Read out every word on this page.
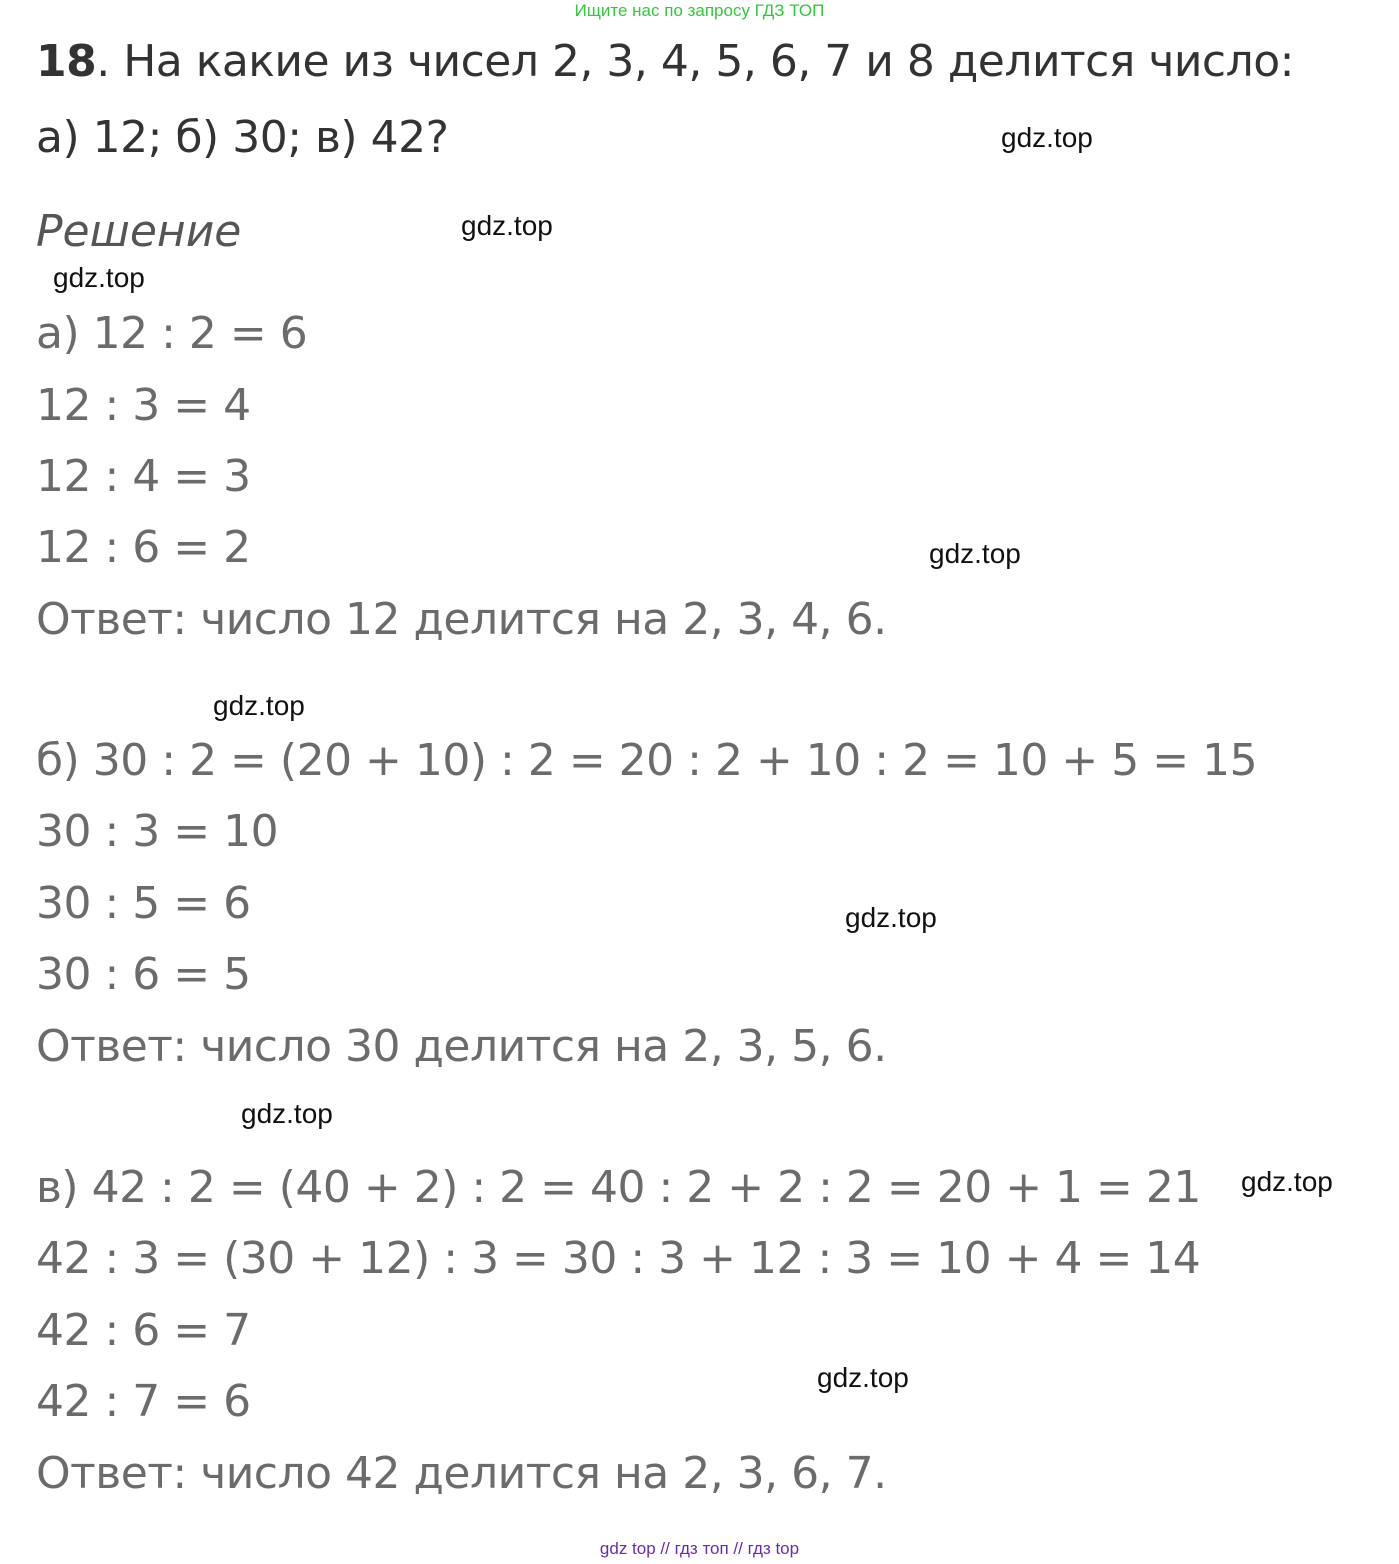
Ищите нас по запросу ГДЗ ТОП
18. На какие из чисел 2, 3, 4, 5, 6, 7 и 8 делится число:
а) 12; б) 30; в) 42?
Решение
а) 12 : 2 = 6
12 : 3 = 4
12 : 4 = 3
12 : 6 = 2
Ответ: число 12 делится на 2, 3, 4, 6.
б) 30 : 2 = (20 + 10) : 2 = 20 : 2 + 10 : 2 = 10 + 5 = 15
30 : 3 = 10
30 : 5 = 6
30 : 6 = 5
Ответ: число 30 делится на 2, 3, 5, 6.
в) 42 : 2 = (40 + 2) : 2 = 40 : 2 + 2 : 2 = 20 + 1 = 21
42 : 3 = (30 + 12) : 3 = 30 : 3 + 12 : 3 = 10 + 4 = 14
42 : 6 = 7
42 : 7 = 6
Ответ: число 42 делится на 2, 3, 6, 7.
gdz.top
gdz.top
gdz.top
gdz.top
gdz.top
gdz.top
gdz.top
gdz.top
gdz.top
gdz top // гдз топ // гдз top
